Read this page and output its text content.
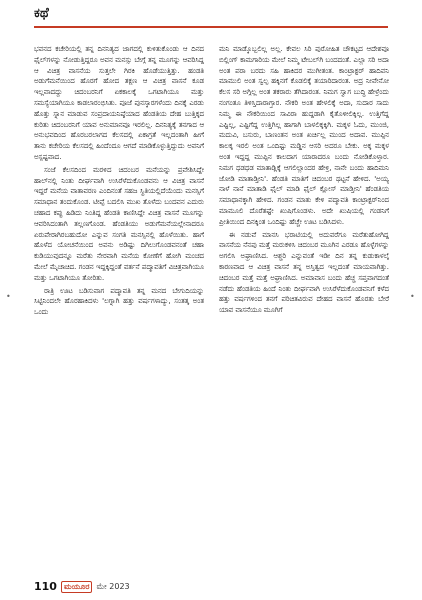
•	•
ಕಥೆ

ಭವನದ ಕಚೇರಿಯಲ್ಲಿ ತನ್ನ ದಿನನಿತ್ಯದ ಜಾಗದಲ್ಲಿ ಕುಳಿತುಕೊಂಡು ಆ ದಿನದ ಫೈಲ್‌ಗಳನ್ನು ನೋಡುತ್ತಿದ್ದರೂ ಅವನ ಮನಸ್ಸು ಬೇಗ್ಗೆ ತನ್ನ ಮೂಗನ್ನು ಆವರಿಸಿದ್ದ ಆ ವಿಚಿತ್ರ ವಾಸನೆಯ ಸುತ್ತಲೇ ಗಿರಕಿ ಹೊಡೆಯುತ್ತಿತ್ತು. ಹಂಡತಿ ಅಡುಗೆಮನೆಯಿಂದ ಹೊರಗೆ ಹೋದ ತಕ್ಷಣ ಆ ವಿಚಿತ್ರ ವಾಸನೆ ಕೂಡ ಇಲ್ಲವಾದದ್ದು ಚಿದಂಬರನಿಗೆ ಏಕಕಾಲಕ್ಕೆ ಒಗಟಾಗಿಯೂ ಮತ್ತು ಸಮಸ್ಯೆಯಾಗಿಯೂ ಕಾಡಲಾರಂಭಿಸಿತು. ಪೂಜೆ ಪುನಸ್ಕಾರಗಳೆಂದು ದಿನಕ್ಕೆ ಎರಡು ಹೊತ್ತು ಸ್ನಾನ ಮಾಡುವ ಸಂಪ್ರದಾಯನಿಷ್ಠೆಯಾದ ಹೆಂಡತಿಯ ದೇಹ ಬುತ್ತಿಕ್ಕದ ಕುರಿತು ಚಿದಂಬರನಿಗೆ ಯಾವ ಅನುಮಾನವೂ ಇರಲಿಲ್ಲ. ದಿನನಿತ್ಯಕ್ಕೆ ತನಗಾದ ಆ ಅನುಭವದಿಂದ ಹೊರಬರಲಾಗದ ಕೆಲಸದಲ್ಲಿ ಏಕಾಗ್ರತೆ ಇಲ್ಲದಂತಾಗಿ ಹೀಗೆ ತಾನು ಕಚೇರಿಯ ಕೆಲಸದಲ್ಲಿ ಹಿಂದೆಂದೂ ಆಗದೆ ಮಾಡಿಕೊಳ್ಳುತ್ತಿದ್ದುದು ಅವನಿಗೆ ಅಸ್ಪಷ್ಟವಾದ.

ಸಂಜೆ ಕೆಲಸದಿಂದ ಮರಳಿದ ಚಿದಂಬರ ಮನೆಯನ್ನು ಪ್ರವೇಶಿಸಿದ್ದೇ ಹಾಲ್‌ನಲ್ಲಿ ನಿಂತು ದೀರ್ಘವಾಗಿ ಉಸಿರೆಳೆದುಕೊಂಡವನು ಆ ವಿಚಿತ್ರ ವಾಸನೆ ಇದ್ದರೆ ಮನೆಯ ವಾತಾವರಣ ಎಂದಿನಂತೆ ಸಹಜ ಸ್ಥಿತಿಯಲ್ಲಿದೆಯೆಂದು ಮನಸ್ಸಿಗೆ ಸಮಾಧಾನ ತಂದುಕೊಂಡ. ಟೀಪ್ಪೆ ಬದಲಿಸಿ ಮುಖ ತೊಳೆದು ಬಂದವನ ಎದುರು ಚಹಾದ ಕಪ್ಪು ಹಿಡಿದು ನಿಂತಿದ್ದ ಹೆಂಡತಿ ಕಾಣಿಸಿದ್ದೇ ವಿಚಿತ್ರ ವಾಸನೆ ಮೂಗನ್ನು ಆವರಿಸಿದಂತಾಗಿ ತಲ್ಲಣಗೊಂಡ. ಹೆಂಡತಿಯು ಅಡುಗೆಮನೆಯಲ್ಲೇನಾದರೂ ಏರುಪೇರಾಗಿರಬಹುದೋ ಎನ್ನುವ ಸಂಗತಿ ಮನಸ್ಸಿನಲ್ಲಿ ಹೊಳೆಯಿತು. ಹಾಗೆ ಹೊಳೆದ ಯೋಚನೆಯಿಂದ ಅವನು ಅಡಿಷ್ಟು ದಿಗಿಲುಗೊಂಡವನಂತೆ ಚಹಾ ಕುಡಿಯುವುದನ್ನೂ ಮರೆತು ನೇರವಾಗಿ ಮನೆಯ ಕೋಣೆಗೆ ಹೋಗಿ ಮಂಚದ ಮೇಲೆ ಮೈಚಾಚಿದ. ಗಂಡನ ಇದ್ದಕ್ಕಿದ್ದಂತೆ ವರ್ತನೆ ಪದ್ಮಾವತಿಗೆ ವಿಚಿತ್ರವಾಗಿಯೂ ಮತ್ತು ಒಗಟಾಗಿಯೂ ತೋರಿತು.

ರಾತ್ರಿ ಊಟ ಬಡಿಸುವಾಗ ಪದ್ಮಾವತಿ ತನ್ನ ಮನದ ಬೇಗುದಿಯನ್ನು ಸಿಟ್ಟಿನಿಂದಲೇ ಹೊರಹಾಕಿದಳು 'ಲಗ್ನಾಗಿ ಹತ್ತು ವರ್ಷಗಳಾದ್ಯು, ಸಂತತ್ಕ ಅಂತ ಒಂದು

ಮನಿ ಮಾಡ್ಕೊಬ್ಬಲಿಲ್ಲ ಅಲ್ಲ. ಕೇವಲ ಸಿರಿ ಪುರೋಹಿತ ಚೌಕಟ್ಟದ ಆದೇಶವೂ ಬಿಲ್ಲಿಂಗ್‌ ಕಾಮಗಾರಿಯ ಮೇಲೆ ನಿಮ್ಮ ಟೇಬಲ್‌ಗಿ ಬಂದದಂತೆ. ಎಲ್ಲಾ ಸರಿ ಅದಾ ಅಂತ ಪರಾ ಬರದು ಸಹಿ ಹಾಕಿದರ ಮುಗೀತಂತ. ಕಾಂಟ್ರಾಕ್ಟರ್‌ ಹಾದಿವನಿ ಮಾಮುಲಿ ಅಂತ ಸ್ವಲ್ಪ ಹಕ್ಕಿನಗೆ ಕೊಡಲಿಕ್ಕೆ ತಯಾರಿದಾರಂತ. ಅದ್ರ ನೀವೇನೋ ಕೆಲಸ ಸರಿ ಅಗ್ಗಿಲ್ಲ ಅಂತ ತಕರಾರು ತೆಗಿದಾರಂತ. ನಿಮಗ ಸ್ವಾಗ ಬುದ್ಧಿ ಹೇಳ್ರೆಂದು ನಂಗಂತೂ ತಿಳಿಸ್ತಿದಾರಾಗ್ತಾರ. ನೌಕರಿ ಅಂತ ಹೇಳಲಿಕ್ಕೆ ಅದಾ, ಸುದಾರ ಸಾದು ನಿಮ್ಮ ಈ ನೌಕರಿಯಿಂದ ಸಾವಿರಾ ಹುದ್ದಡಾಗಿ ಕೈತೊಳೀಲಿಕ್ಕಿಲ್ಲ. ಉತ್ತಿಗೆದ್ದ ಎಷ್ಟಿಲ್ಲ, ಎಷ್ಟಿಗೆದ್ದ ಉತ್ತಿಗಿಲ್ಲ ಹಾಗಾಗಿ ಬಾಳಲಿಕ್ಕಕ್ಕಿಗಿ. ಮಕ್ಕಳ ಓದು, ಮುಂಜಿ, ಮದುವಿ, ಬಸುರು, ಬಾಣಂತನ ಅಂತ ಖರ್ಚಿಲ್ಲ ಮುಂದ ಅದಾವ. ಮುಪ್ಪಿನ ಕಾಲಕ್ಕ ಇರಲಿ ಅಂತ ಒಂದಿಷ್ಟು ಮಡ್ಡಿನ ಆಸರಿ ಅದರೂ ಬೇಕು. ಅಕ್ಕ ಮಕ್ಕಳ ಅಂತ ಇದ್ದದ್ದ ಮುಪ್ಪಿನ ಕಾಲದಾಗ ಯಾರಾದರೂ ಬಂದು ನೋಡಿಕೊಳ್ತಾರ. ನಿಮಗ ಧಡಧಡ ಮಾತಾಡ್ಲಿಕ್ಕೆ ಆಗಲಿಲ್ಲಾಂದರ ಹೇಳ್ರಿ, ನಾನೇ ಬಂದು ಹಾದಿಮನಿ ಜೋಡಿ ಮಾತಾಡ್ತೀನಿ'. ಹೆಂಡತಿ ಮಾತಿಗೆ ಚಿದಂಬರ ಥಟ್ಟನೆ ಹೇಳಿದ. 'ಅಯ್ಯ ನಾಳೆ ನಾನೆ ಮಾತಾಡಿ ಫೈಲ್‌ ಮಾಡಿ ಫೈಲ್‌ ಕ್ಲೋಸ್‌ ಮಾಡ್ತೀನಿ' ಹೆಂಡತಿಯ ಸಮಾಧಾನಕ್ಕಾಗಿ ಹೇಳಿದ. ಗಂಡನ ಮಾತು ಕೇಳಿ ಪದ್ಮಾವತಿ ಕಾಂಟ್ರಾಕ್ಟರ್‌ನಿಂದ ಮಾಮೂಲಿ ದೊರೆತಷ್ಟೇ ಖುಷಿಗೊಂಡಳು. ಅದೇ ಖುಷಿಯಲ್ಲಿ ಗಂಡನಿಗೆ ಪ್ರೀತಿಯಿಂದ ದಿನಕ್ಕಿಂತ ಒಂದಿಷ್ಟು ಹೆಚ್ಚೇ ಊಟ ಬಡಿಸಿದಳು.

ಈ ನಡುವೆ ಮಾನಸಿ ಭರಾಟಿಯಲ್ಲಿ ಅದುವರೆಗೂ ಮರೆತುಹೋಗಿದ್ದ ವಾಸನೆಯ ನೆನಪು ಮತ್ತೆ ಮರುಕಳಿಸಿ ಚಿದಂಬರ ಮೂಗಿನ ಎರಡೂ ಹೊಳ್ಳೆಗಳನ್ನು ಅಗಲಿಸಿ ಅಘ್ರಾಣಿಸಿದ. ಆಶ್ಚರಿ ಎನ್ನುವಂತೆ ಇಡೀ ದಿನ ತನ್ನ ಕುಡುಕಾಳಲ್ಕೆ ಕಾರಣವಾದ ಆ ವಿಚಿತ್ರ ವಾಸನೆ ತನ್ನ ಅಸ್ತಿತ್ವದ ಇಲ್ಲದಂತೆ ಮಾಯವಾಗಿತ್ತು. ಚಿದಂಬರ ಮತ್ತೆ ಮತ್ತೆ ಅಘ್ರಾಣಿಸಿದ. ಅಮಾವಾಸ ಬಂದು ಹೆಚ್ಚ ಸಪ್ತವಾಗದಂತೆ ನಡೆದು ಹೆಂಡತಿಯ ಹಿಂದೆ ನಿಂತು ದೀರ್ಘವಾಗಿ ಉಸಿರೆಳೆದುಕೊಂಡವನಿಗೆ ಕಳೆದ ಹತ್ತು ವರ್ಷಗಳಿಂದ ತನಗೆ ಪರಿಚಿತವಿರುವ ದೇಹದ ವಾಸನೆ ಹೊರತು ಬೇರೆ ಯಾವ ವಾಸನೆಯೂ ಮೂಗಿಗೆ

110 ಮಯೂರ ಮೇ 2023
